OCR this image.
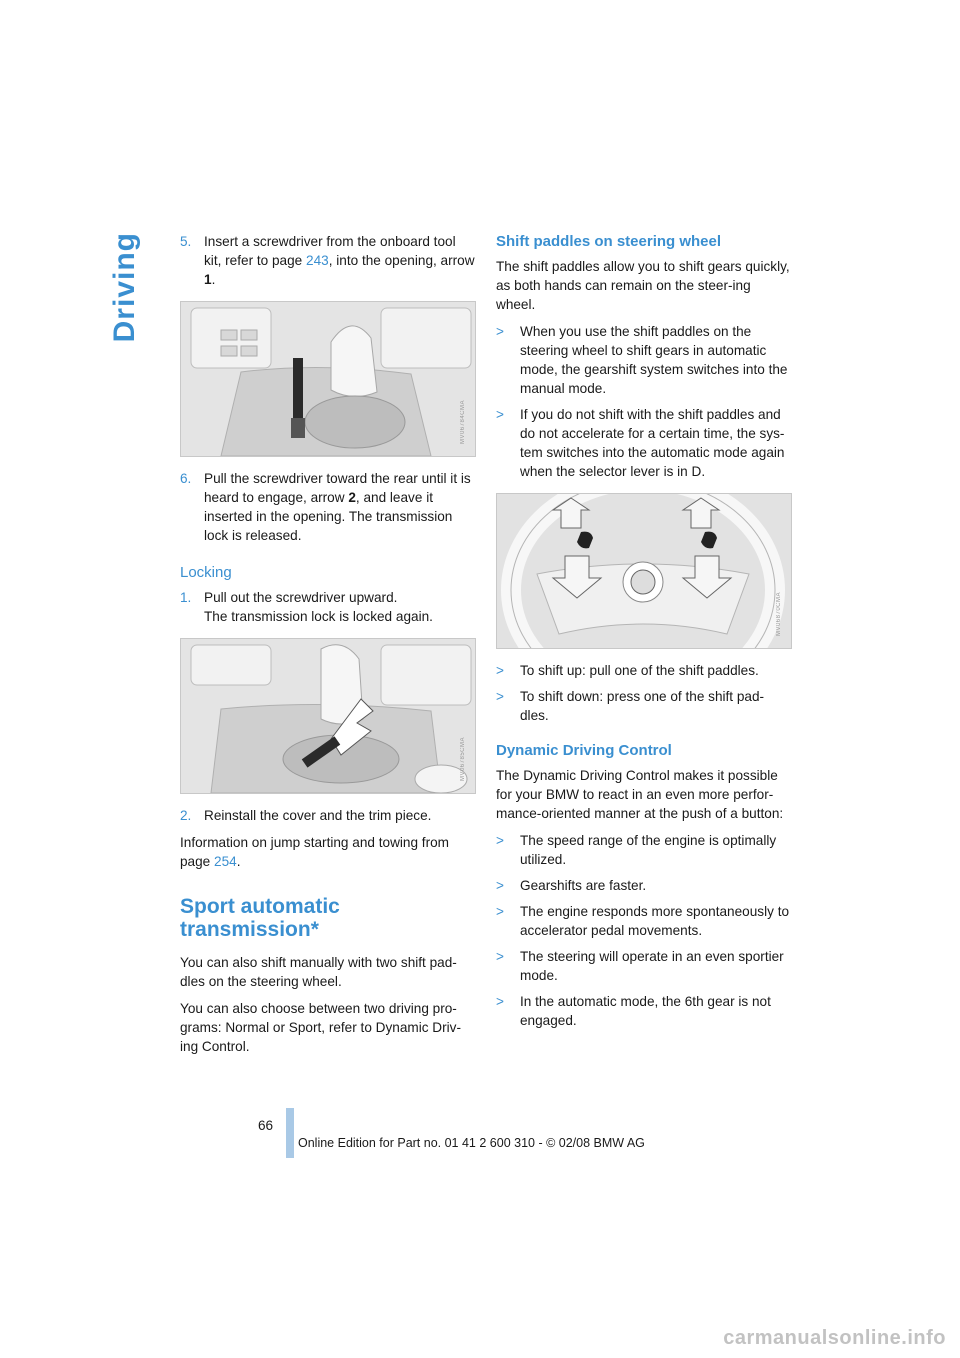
Driving	5. Insert a screwdriver from the onboard tool kit, refer to page 243, into the opening, arrow 1.
MV06784CMA
6. Pull the screwdriver toward the rear until it is heard to engage, arrow 2, and leave it inserted in the opening. The transmission lock is released.
Locking
1. Pull out the screwdriver upward.
The transmission lock is locked again.
MV06785CMA
2. Reinstall the cover and the trim piece.

Information on jump starting and towing from page 254.

Sport automatic transmission*

You can also shift manually with two shift pad-dles on the steering wheel.

You can also choose between two driving pro-grams: Normal or Sport, refer to Dynamic Driv-ing Control.

Shift paddles on steering wheel

The shift paddles allow you to shift gears quickly, as both hands can remain on the steer-ing wheel.

>	When you use the shift paddles on the steering wheel to shift gears in automatic mode, the gearshift system switches into the manual mode.
>	If you do not shift with the shift paddles and do not accelerate for a certain time, the sys-tem switches into the automatic mode again when the selector lever is in D.
MV06870CMA
>	To shift up: pull one of the shift paddles.
>	To shift down: press one of the shift pad-dles.
Dynamic Driving Control

The Dynamic Driving Control makes it possible for your BMW to react in an even more perfor-mance-oriented manner at the push of a button:

>	The speed range of the engine is optimally utilized.
>	Gearshifts are faster.
>	The engine responds more spontaneously to accelerator pedal movements.
>	The steering will operate in an even sportier mode.
>	In the automatic mode, the 6th gear is not engaged.
66
Online Edition for Part no. 01 41 2 600 310 - © 02/08 BMW AG
carmanualsonline.info
